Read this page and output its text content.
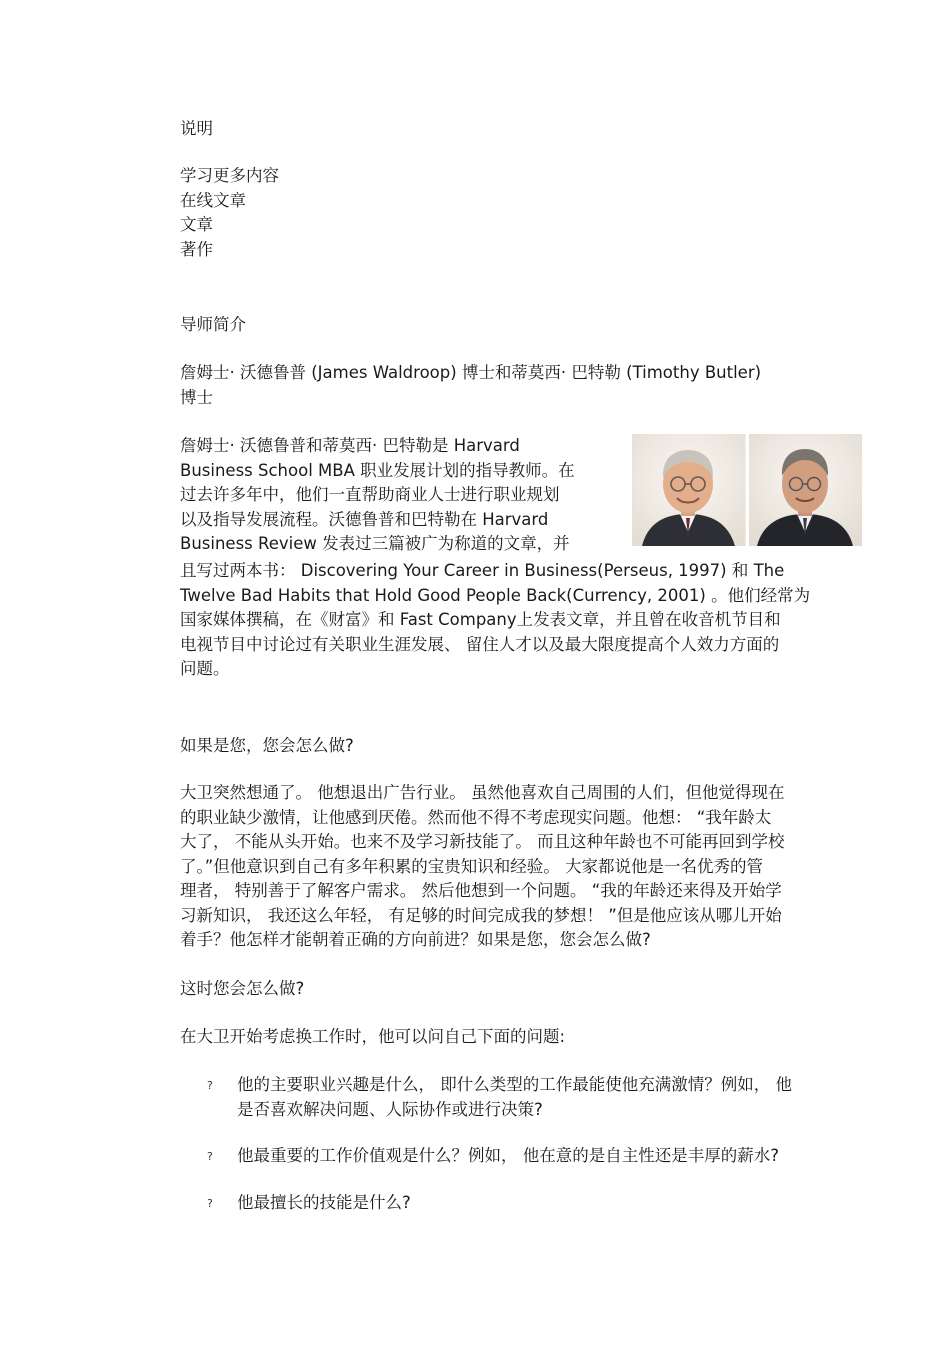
说明

学习更多内容
在线文章
文章
著作

导师简介

詹姆士· 沃德鲁普 (James Waldroop) 博士和蒂莫西· 巴特勒 (Timothy Butler)
博士
詹姆士· 沃德鲁普和蒂莫西· 巴特勒是 Harvard
Business School MBA 职业发展计划的指导教师。在
过去许多年中，他们一直帮助商业人士进行职业规划
以及指导发展流程。沃德鲁普和巴特勒在 Harvard
Business Review 发表过三篇被广为称道的文章，并
且写过两本书： Discovering Your Career in Business(Perseus, 1997) 和 The
Twelve Bad Habits that Hold Good People Back(Currency, 2001) 。他们经常为
国家媒体撰稿，在《财富》和 Fast Company上发表文章，并且曾在收音机节目和
电视节目中讨论过有关职业生涯发展、 留住人才以及最大限度提高个人效力方面的
问题。

如果是您，您会怎么做?

大卫突然想通了。 他想退出广告行业。 虽然他喜欢自己周围的人们，但他觉得现在
的职业缺少激情，让他感到厌倦。然而他不得不考虑现实问题。他想： “我年龄太
大了， 不能从头开始。也来不及学习新技能了。 而且这种年龄也不可能再回到学校
了。”但他意识到自己有多年积累的宝贵知识和经验。 大家都说他是一名优秀的管
理者， 特别善于了解客户需求。 然后他想到一个问题。 “我的年龄还来得及开始学
习新知识， 我还这么年轻， 有足够的时间完成我的梦想！ ”但是他应该从哪儿开始
着手？他怎样才能朝着正确的方向前进？如果是您，您会怎么做?

这时您会怎么做?

在大卫开始考虑换工作时，他可以问自己下面的问题:

? 他的主要职业兴趣是什么， 即什么类型的工作最能使他充满激情？例如， 他
是否喜欢解决问题、人际协作或进行决策?
? 他最重要的工作价值观是什么？例如， 他在意的是自主性还是丰厚的薪水?
? 他最擅长的技能是什么?
